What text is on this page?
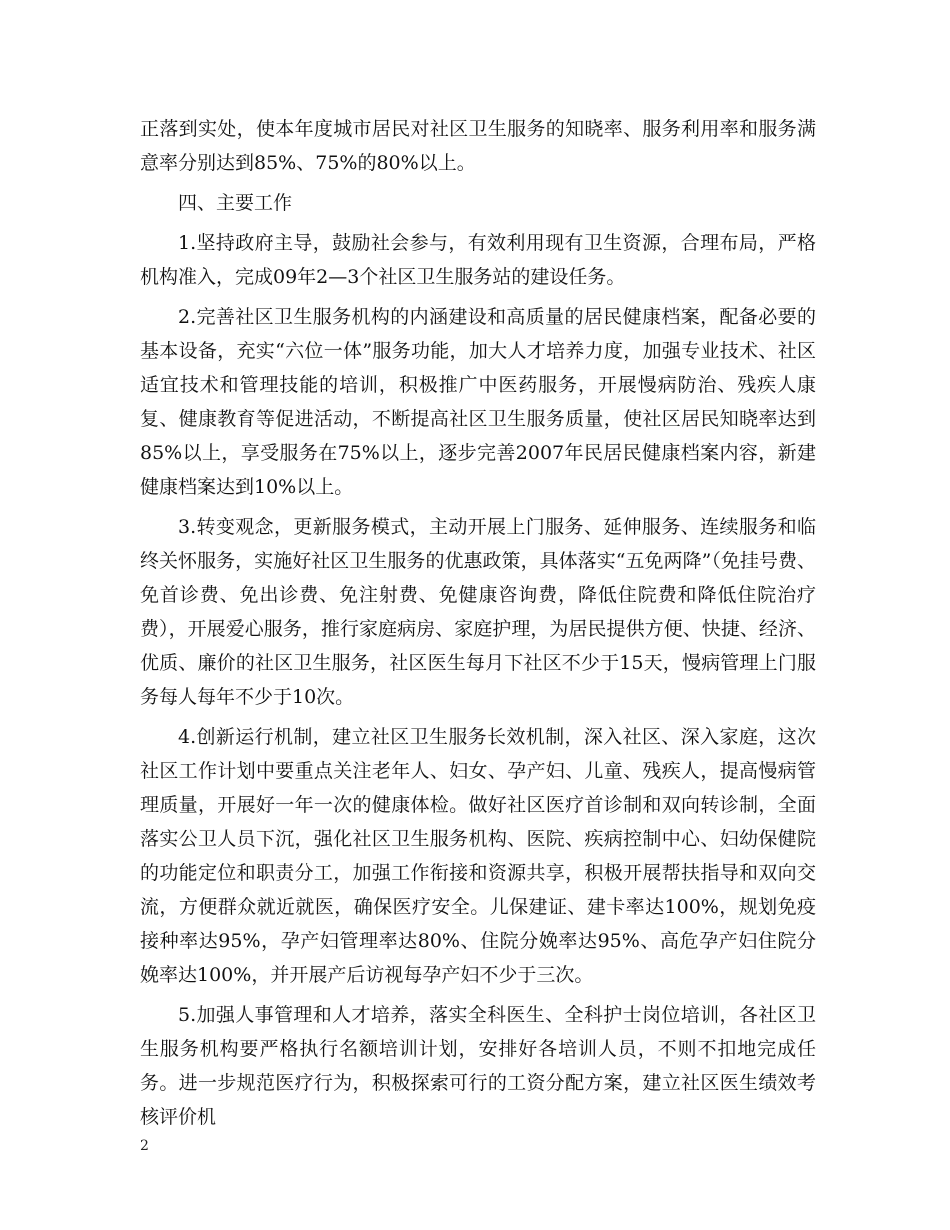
正落到实处，使本年度城市居民对社区卫生服务的知晓率、服务利用率和服务满意率分别达到85%、75%的80%以上。

四、主要工作

1.坚持政府主导，鼓励社会参与，有效利用现有卫生资源，合理布局，严格机构准入，完成09年2—3个社区卫生服务站的建设任务。

2.完善社区卫生服务机构的内涵建设和高质量的居民健康档案，配备必要的基本设备，充实“六位一体”服务功能，加大人才培养力度，加强专业技术、社区适宜技术和管理技能的培训，积极推广中医药服务，开展慢病防治、残疾人康复、健康教育等促进活动，不断提高社区卫生服务质量，使社区居民知晓率达到85%以上，享受服务在75%以上，逐步完善2007年民居民健康档案内容，新建健康档案达到10%以上。

3.转变观念，更新服务模式，主动开展上门服务、延伸服务、连续服务和临终关怀服务，实施好社区卫生服务的优惠政策，具体落实“五免两降”（免挂号费、免首诊费、免出诊费、免注射费、免健康咨询费，降低住院费和降低住院治疗费），开展爱心服务，推行家庭病房、家庭护理，为居民提供方便、快捷、经济、优质、廉价的社区卫生服务，社区医生每月下社区不少于15天，慢病管理上门服务每人每年不少于10次。

4.创新运行机制，建立社区卫生服务长效机制，深入社区、深入家庭，这次社区工作计划中要重点关注老年人、妇女、孕产妇、儿童、残疾人，提高慢病管理质量，开展好一年一次的健康体检。做好社区医疗首诊制和双向转诊制，全面落实公卫人员下沉，强化社区卫生服务机构、医院、疾病控制中心、妇幼保健院的功能定位和职责分工，加强工作衔接和资源共享，积极开展帮扶指导和双向交流，方便群众就近就医，确保医疗安全。儿保建证、建卡率达100%，规划免疫接种率达95%，孕产妇管理率达80%、住院分娩率达95%、高危孕产妇住院分娩率达100%，并开展产后访视每孕产妇不少于三次。

5.加强人事管理和人才培养，落实全科医生、全科护士岗位培训，各社区卫生服务机构要严格执行名额培训计划，安排好各培训人员，不则不扣地完成任务。进一步规范医疗行为，积极探索可行的工资分配方案，建立社区医生绩效考核评价机

2
